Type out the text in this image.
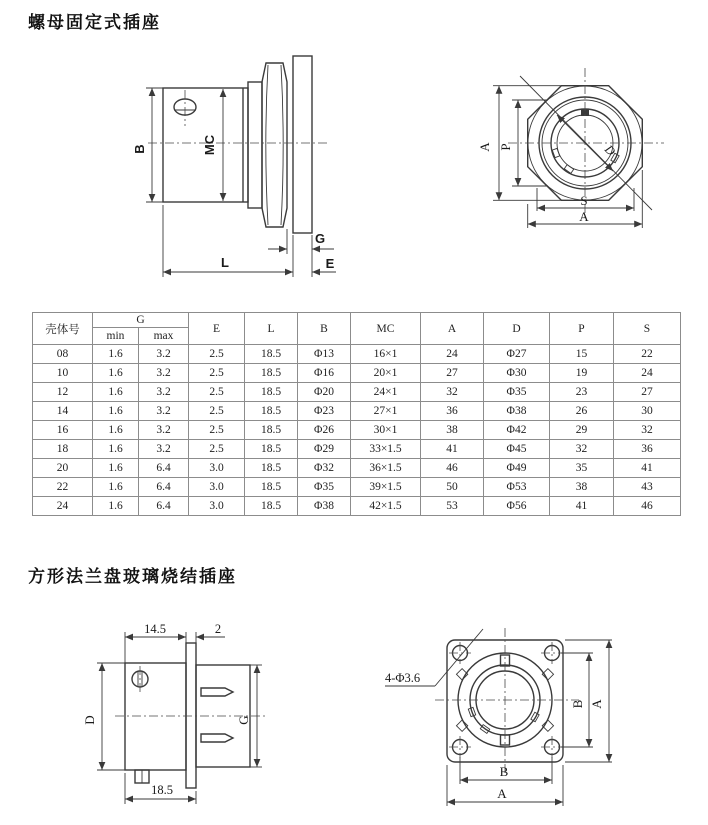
螺母固定式插座
B	MC
G
L	E
D
A P
S
A
壳体号	G		E	L	B	MC	A	D	P	S
	min	max								
08	1.6	3.2	2.5	18.5	Φ13	16×1	24	Φ27	15	22
10	1.6	3.2	2.5	18.5	Φ16	20×1	27	Φ30	19	24
12	1.6	3.2	2.5	18.5	Φ20	24×1	32	Φ35	23	27
14	1.6	3.2	2.5	18.5	Φ23	27×1	36	Φ38	26	30
16	1.6	3.2	2.5	18.5	Φ26	30×1	38	Φ42	29	32
18	1.6	3.2	2.5	18.5	Φ29	33×1.5	41	Φ45	32	36
20	1.6	6.4	3.0	18.5	Φ32	36×1.5	46	Φ49	35	41
22	1.6	6.4	3.0	18.5	Φ35	39×1.5	50	Φ53	38	43
24	1.6	6.4	3.0	18.5	Φ38	42×1.5	53	Φ56	41	46
方形法兰盘玻璃烧结插座
14.5	2
D	G
18.5
4-Φ3.6
B A
B
A
